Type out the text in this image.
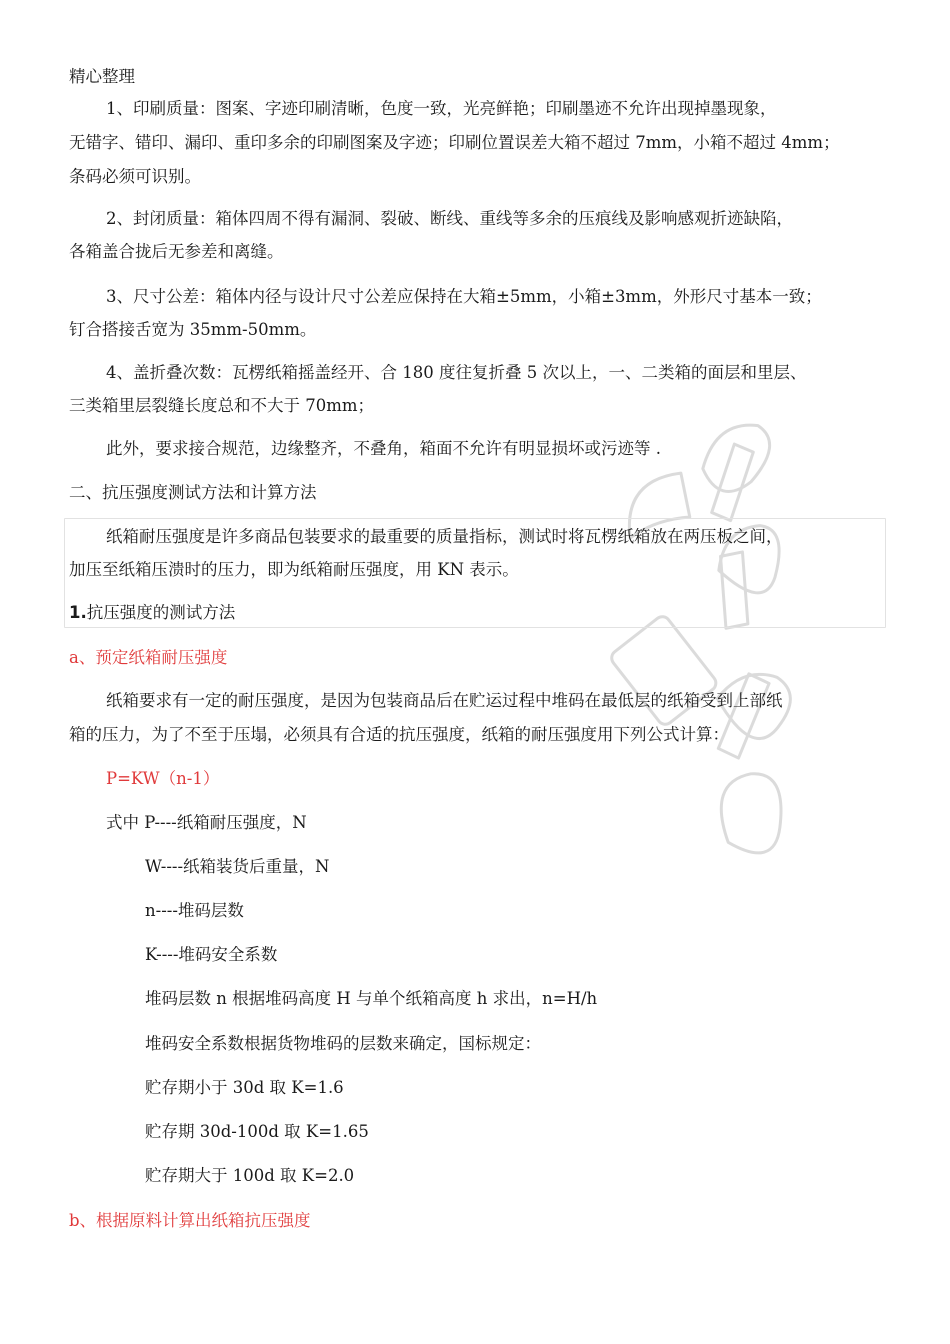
精心整理
1、印刷质量：图案、字迹印刷清晰，色度一致，光亮鲜艳；印刷墨迹不允许出现掉墨现象，
无错字、错印、漏印、重印多余的印刷图案及字迹；印刷位置误差大箱不超过 7mm，小箱不超过 4mm；
条码必须可识别。
2、封闭质量：箱体四周不得有漏洞、裂破、断线、重线等多余的压痕线及影响感观折迹缺陷，
各箱盖合拢后无参差和离缝。
3、尺寸公差：箱体内径与设计尺寸公差应保持在大箱±5mm，小箱±3mm，外形尺寸基本一致；
钉合搭接舌宽为 35mm-50mm。
4、盖折叠次数：瓦楞纸箱摇盖经开、合 180 度往复折叠 5 次以上，一、二类箱的面层和里层、
三类箱里层裂缝长度总和不大于 70mm；
此外，要求接合规范，边缘整齐，不叠角，箱面不允许有明显损坏或污迹等 .
二、抗压强度测试方法和计算方法
纸箱耐压强度是许多商品包装要求的最重要的质量指标，测试时将瓦楞纸箱放在两压板之间，
加压至纸箱压溃时的压力，即为纸箱耐压强度，用 KN 表示。
1.抗压强度的测试方法
a、预定纸箱耐压强度
纸箱要求有一定的耐压强度，是因为包装商品后在贮运过程中堆码在最低层的纸箱受到上部纸
箱的压力，为了不至于压塌，必须具有合适的抗压强度，纸箱的耐压强度用下列公式计算：
P=KW（n-1）
式中 P----纸箱耐压强度，N
W----纸箱装货后重量，N
n----堆码层数
K----堆码安全系数
堆码层数 n 根据堆码高度 H 与单个纸箱高度 h 求出，n=H/h
堆码安全系数根据货物堆码的层数来确定，国标规定：
贮存期小于 30d 取 K=1.6
贮存期 30d-100d 取 K=1.65
贮存期大于 100d 取 K=2.0
b、根据原料计算出纸箱抗压强度
